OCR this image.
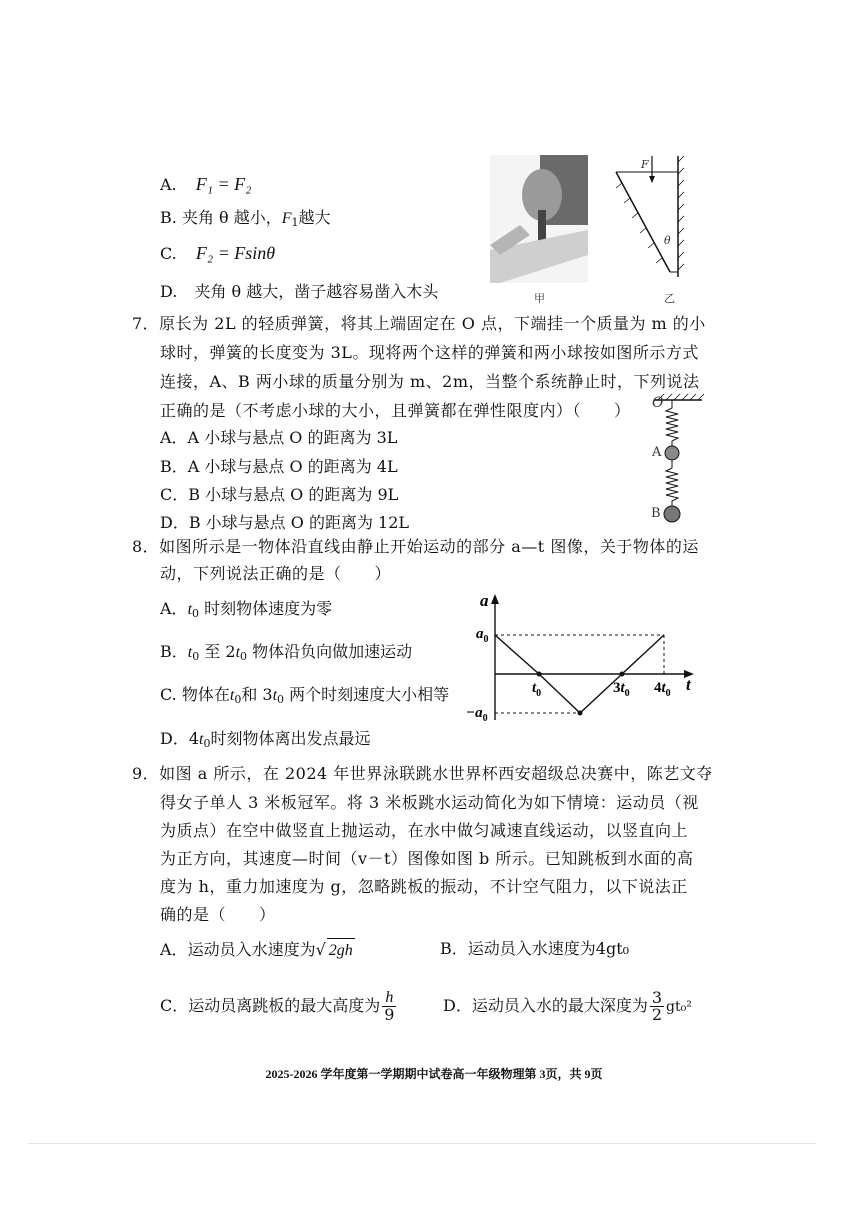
A. F₁ = F₂
B. 夹角 θ 越小，$F_1$越大
C. F₂ = Fsinθ
D. 夹角 θ 越大，凿子越容易凿入木头	甲
F
θ
乙
7．原长为 2L 的轻质弹簧，将其上端固定在 O 点，下端挂一个质量为 m 的小
球时，弹簧的长度变为 3L。现将两个这样的弹簧和两小球按如图所示方式
连接，A、B 两小球的质量分别为 m、2m，当整个系统静止时，下列说法
正确的是（不考虑小球的大小，且弹簧都在弹性限度内）（　　）
A．A 小球与悬点 O 的距离为 3L
B．A 小球与悬点 O 的距离为 4L
C．B 小球与悬点 O 的距离为 9L
D．B 小球与悬点 O 的距离为 12L
O
A
B
8．如图所示是一物体沿直线由静止开始运动的部分 a—t 图像，关于物体的运
动，下列说法正确的是（　　）
A．$t_0$ 时刻物体速度为零
B．$t_0$ 至 $2t_0$ 物体沿负向做加速运动
C. 物体在$t_0$和 $3t_0$ 两个时刻速度大小相等
D．$4t_0$时刻物体离出发点最远
a
t
$a_0$
$-a_0$
$t_0$	$3t_0$ $4t_0$
9．如图 a 所示，在 2024 年世界泳联跳水世界杯西安超级总决赛中，陈艺文夺
得女子单人 3 米板冠军。将 3 米板跳水运动简化为如下情境：运动员（视
为质点）在空中做竖直上抛运动，在水中做匀减速直线运动，以竖直向上
为正方向，其速度—时间（v－t）图像如图 b 所示。已知跳板到水面的高
度为 h，重力加速度为 g，忽略跳板的振动，不计空气阻力，以下说法正
确的是（　　）
A．运动员入水速度为√ 2gh	B．运动员入水速度为4gt₀
C．运动员离跳板的最大高度为 $\frac{h}{9}$	D．运动员入水的最大深度为 $\frac{3}{2} gt_0^2$
2025-2026 学年度第一学期期中试卷高一年级物理第 3页，共 9页
